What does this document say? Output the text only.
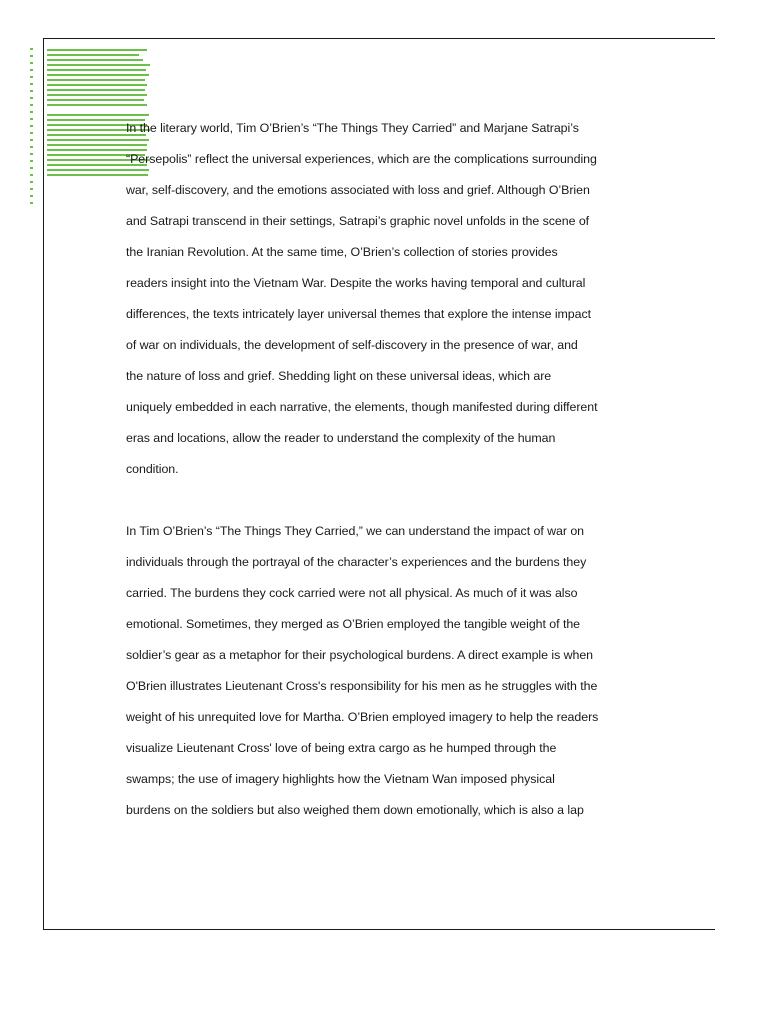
In the literary world, Tim O’Brien’s “The Things They Carried” and Marjane Satrapi’s
“Persepolis” reflect the universal experiences, which are the complications surrounding
war, self-discovery, and the emotions associated with loss and grief. Although O’Brien
and Satrapi transcend in their settings, Satrapi’s graphic novel unfolds in the scene of
the Iranian Revolution. At the same time, O’Brien’s collection of stories provides
readers insight into the Vietnam War. Despite the works having temporal and cultural
differences, the texts intricately layer universal themes that explore the intense impact
of war on individuals, the development of self-discovery in the presence of war, and
the nature of loss and grief. Shedding light on these universal ideas, which are
uniquely embedded in each narrative, the elements, though manifested during different
eras and locations, allow the reader to understand the complexity of the human
condition.
In Tim O’Brien’s “The Things They Carried,” we can understand the impact of war on
individuals through the portrayal of the character’s experiences and the burdens they
carried. The burdens they cock carried were not all physical. As much of it was also
emotional. Sometimes, they merged as O’Brien employed the tangible weight of the
soldier’s gear as a metaphor for their psychological burdens. A direct example is when
O'Brien illustrates Lieutenant Cross's responsibility for his men as he struggles with the
weight of his unrequited love for Martha. O’Brien employed imagery to help the readers
visualize Lieutenant Cross' love of being extra cargo as he humped through the
swamps; the use of imagery highlights how the Vietnam Wan imposed physical
burdens on the soldiers but also weighed them down emotionally, which is also a lap
